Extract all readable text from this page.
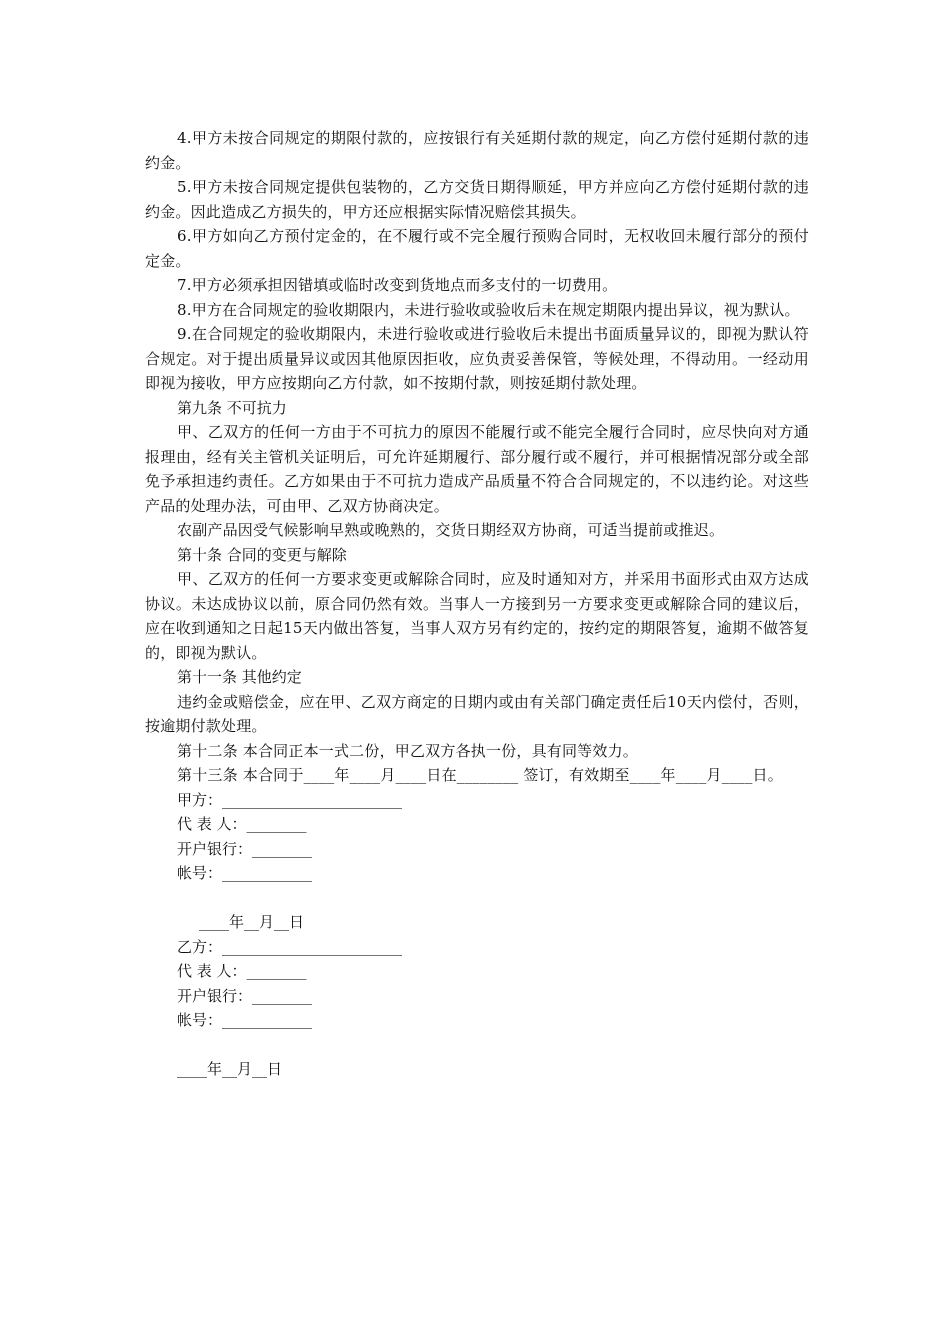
4.甲方未按合同规定的期限付款的，应按银行有关延期付款的规定，向乙方偿付延期付款的违约金。

5.甲方未按合同规定提供包装物的，乙方交货日期得顺延，甲方并应向乙方偿付延期付款的违约金。因此造成乙方损失的，甲方还应根据实际情况赔偿其损失。

6.甲方如向乙方预付定金的，在不履行或不完全履行预购合同时，无权收回未履行部分的预付定金。

7.甲方必须承担因错填或临时改变到货地点而多支付的一切费用。

8.甲方在合同规定的验收期限内，未进行验收或验收后未在规定期限内提出异议，视为默认。

9.在合同规定的验收期限内，未进行验收或进行验收后未提出书面质量异议的，即视为默认符合规定。对于提出质量异议或因其他原因拒收，应负责妥善保管，等候处理，不得动用。一经动用即视为接收，甲方应按期向乙方付款，如不按期付款，则按延期付款处理。

第九条 不可抗力

甲、乙双方的任何一方由于不可抗力的原因不能履行或不能完全履行合同时，应尽快向对方通报理由，经有关主管机关证明后，可允许延期履行、部分履行或不履行，并可根据情况部分或全部免予承担违约责任。乙方如果由于不可抗力造成产品质量不符合合同规定的，不以违约论。对这些产品的处理办法，可由甲、乙双方协商决定。

农副产品因受气候影响早熟或晚熟的，交货日期经双方协商，可适当提前或推迟。

第十条 合同的变更与解除

甲、乙双方的任何一方要求变更或解除合同时，应及时通知对方，并采用书面形式由双方达成协议。未达成协议以前，原合同仍然有效。当事人一方接到另一方要求变更或解除合同的建议后，应在收到通知之日起15天内做出答复，当事人双方另有约定的，按约定的期限答复，逾期不做答复的，即视为默认。

第十一条 其他约定

违约金或赔偿金，应在甲、乙双方商定的日期内或由有关部门确定责任后10天内偿付，否则，按逾期付款处理。

第十二条 本合同正本一式二份，甲乙双方各执一份，具有同等效力。

第十三条 本合同于____年____月____日在________ 签订，有效期至____年____月____日。

甲方：________________________

代 表 人：________

开户银行：________

帐号：____________

____年__月__日

乙方：________________________

代 表 人：________

开户银行：________

帐号：____________

____年__月__日
